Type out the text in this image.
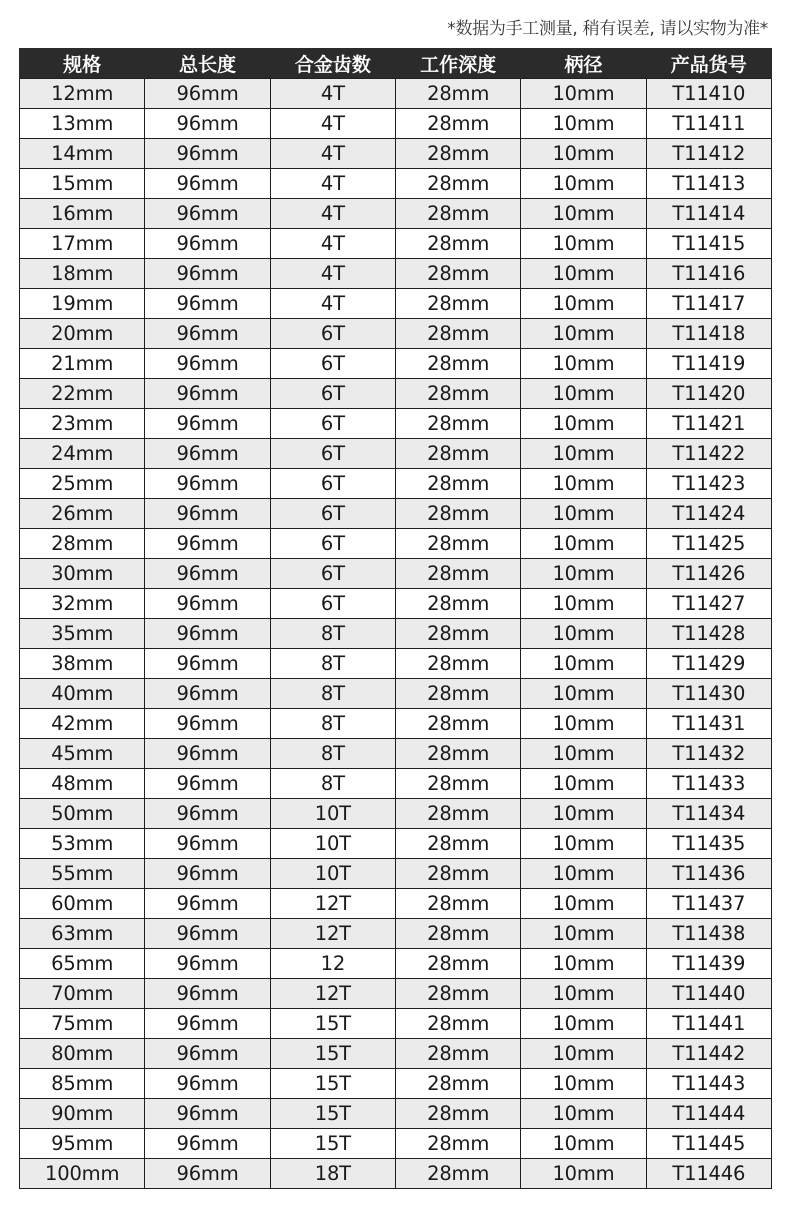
*数据为手工测量, 稍有误差, 请以实物为准*
规格	总长度	合金齿数	工作深度	柄径	产品货号
12mm	96mm	4T	28mm	10mm	T11410
13mm	96mm	4T	28mm	10mm	T11411
14mm	96mm	4T	28mm	10mm	T11412
15mm	96mm	4T	28mm	10mm	T11413
16mm	96mm	4T	28mm	10mm	T11414
17mm	96mm	4T	28mm	10mm	T11415
18mm	96mm	4T	28mm	10mm	T11416
19mm	96mm	4T	28mm	10mm	T11417
20mm	96mm	6T	28mm	10mm	T11418
21mm	96mm	6T	28mm	10mm	T11419
22mm	96mm	6T	28mm	10mm	T11420
23mm	96mm	6T	28mm	10mm	T11421
24mm	96mm	6T	28mm	10mm	T11422
25mm	96mm	6T	28mm	10mm	T11423
26mm	96mm	6T	28mm	10mm	T11424
28mm	96mm	6T	28mm	10mm	T11425
30mm	96mm	6T	28mm	10mm	T11426
32mm	96mm	6T	28mm	10mm	T11427
35mm	96mm	8T	28mm	10mm	T11428
38mm	96mm	8T	28mm	10mm	T11429
40mm	96mm	8T	28mm	10mm	T11430
42mm	96mm	8T	28mm	10mm	T11431
45mm	96mm	8T	28mm	10mm	T11432
48mm	96mm	8T	28mm	10mm	T11433
50mm	96mm	10T	28mm	10mm	T11434
53mm	96mm	10T	28mm	10mm	T11435
55mm	96mm	10T	28mm	10mm	T11436
60mm	96mm	12T	28mm	10mm	T11437
63mm	96mm	12T	28mm	10mm	T11438
65mm	96mm	12	28mm	10mm	T11439
70mm	96mm	12T	28mm	10mm	T11440
75mm	96mm	15T	28mm	10mm	T11441
80mm	96mm	15T	28mm	10mm	T11442
85mm	96mm	15T	28mm	10mm	T11443
90mm	96mm	15T	28mm	10mm	T11444
95mm	96mm	15T	28mm	10mm	T11445
100mm	96mm	18T	28mm	10mm	T11446
